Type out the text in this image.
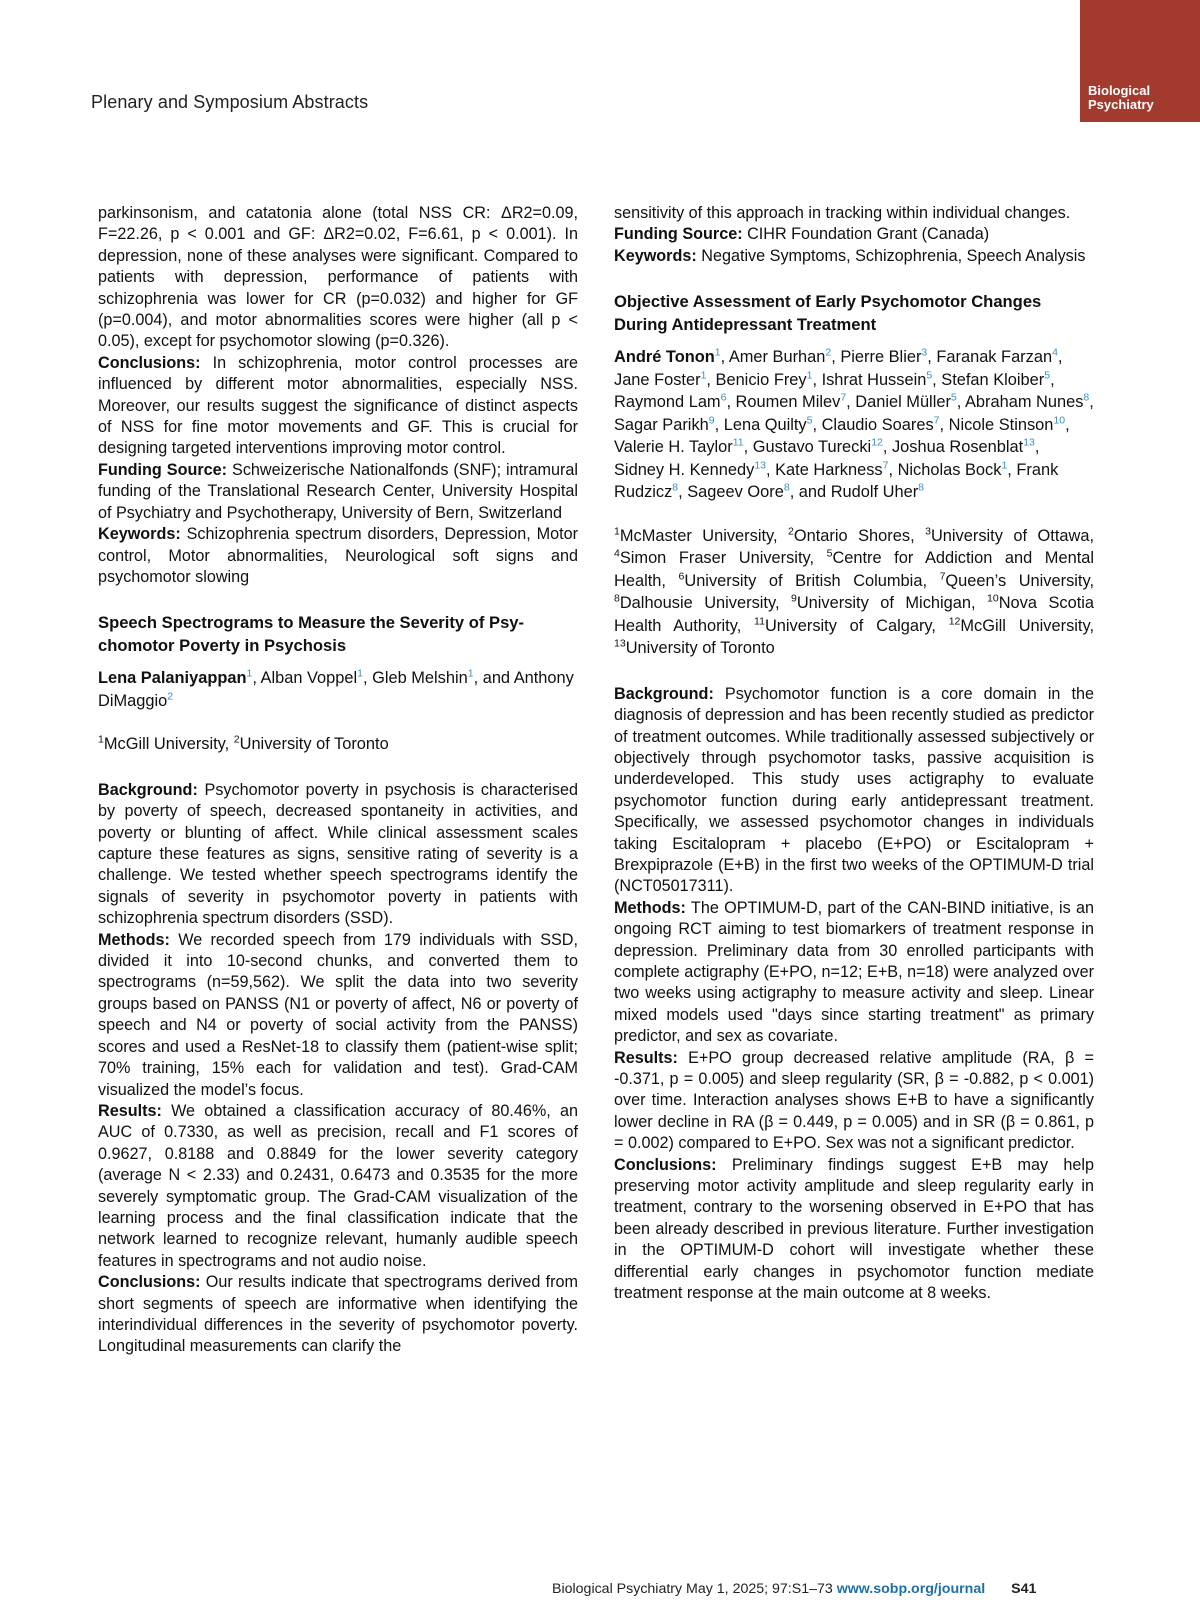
Plenary and Symposium Abstracts
Biological
Psychiatry

parkinsonism, and catatonia alone (total NSS CR: ΔR2=0.09, F=22.26, p < 0.001 and GF: ΔR2=0.02, F=6.61, p < 0.001). In depression, none of these analyses were significant. Compared to patients with depression, performance of patients with schizophrenia was lower for CR (p=0.032) and higher for GF (p=0.004), and motor abnormalities scores were higher (all p < 0.05), except for psychomotor slowing (p=0.326).

Conclusions: In schizophrenia, motor control processes are influenced by different motor abnormalities, especially NSS. Moreover, our results suggest the significance of distinct aspects of NSS for fine motor movements and GF. This is crucial for designing targeted interventions improving motor control.

Funding Source: Schweizerische Nationalfonds (SNF); intramural funding of the Translational Research Center, University Hospital of Psychiatry and Psychotherapy, University of Bern, Switzerland

Keywords: Schizophrenia spectrum disorders, Depression, Motor control, Motor abnormalities, Neurological soft signs and psychomotor slowing

Speech Spectrograms to Measure the Severity of Psychomotor Poverty in Psychosis

Lena Palaniyappan$^1$, Alban Voppel$^1$, Gleb Melshin$^1$, and Anthony DiMaggio$^2$

$^1$McGill University, $^2$University of Toronto

Background: Psychomotor poverty in psychosis is characterised by poverty of speech, decreased spontaneity in activities, and poverty or blunting of affect. While clinical assessment scales capture these features as signs, sensitive rating of severity is a challenge. We tested whether speech spectrograms identify the signals of severity in psychomotor poverty in patients with schizophrenia spectrum disorders (SSD).

Methods: We recorded speech from 179 individuals with SSD, divided it into 10-second chunks, and converted them to spectrograms (n=59,562). We split the data into two severity groups based on PANSS (N1 or poverty of affect, N6 or poverty of speech and N4 or poverty of social activity from the PANSS) scores and used a ResNet-18 to classify them (patient-wise split; 70% training, 15% each for validation and test). Grad-CAM visualized the model’s focus.

Results: We obtained a classification accuracy of 80.46%, an AUC of 0.7330, as well as precision, recall and F1 scores of 0.9627, 0.8188 and 0.8849 for the lower severity category (average N < 2.33) and 0.2431, 0.6473 and 0.3535 for the more severely symptomatic group. The Grad-CAM visualization of the learning process and the final classification indicate that the network learned to recognize relevant, humanly audible speech features in spectrograms and not audio noise.

Conclusions: Our results indicate that spectrograms derived from short segments of speech are informative when identifying the interindividual differences in the severity of psychomotor poverty. Longitudinal measurements can clarify the

sensitivity of this approach in tracking within individual changes.

Funding Source: CIHR Foundation Grant (Canada)

Keywords: Negative Symptoms, Schizophrenia, Speech Analysis

Objective Assessment of Early Psychomotor Changes During Antidepressant Treatment

André Tonon$^1$, Amer Burhan$^2$, Pierre Blier$^3$, Faranak Farzan$^4$, Jane Foster$^1$, Benicio Frey$^1$, Ishrat Hussein$^5$, Stefan Kloiber$^5$, Raymond Lam$^6$, Roumen Milev$^7$, Daniel Müller$^5$, Abraham Nunes$^8$, Sagar Parikh$^9$, Lena Quilty$^5$, Claudio Soares$^7$, Nicole Stinson$^{10}$, Valerie H. Taylor$^{11}$, Gustavo Turecki$^{12}$, Joshua Rosenblat$^{13}$, Sidney H. Kennedy$^{13}$, Kate Harkness$^7$, Nicholas Bock$^1$, Frank Rudzicz$^8$, Sageev Oore$^8$, and Rudolf Uher$^8$

$^1$McMaster University, $^2$Ontario Shores, $^3$University of Ottawa, $^4$Simon Fraser University, $^5$Centre for Addiction and Mental Health, $^6$University of British Columbia, $^7$Queen’s University, $^8$Dalhousie University, $^9$University of Michigan, $^{10}$Nova Scotia Health Authority, $^{11}$University of Calgary, $^{12}$McGill University, $^{13}$University of Toronto

Background: Psychomotor function is a core domain in the diagnosis of depression and has been recently studied as predictor of treatment outcomes. While traditionally assessed subjectively or objectively through psychomotor tasks, passive acquisition is underdeveloped. This study uses actigraphy to evaluate psychomotor function during early antidepressant treatment. Specifically, we assessed psychomotor changes in individuals taking Escitalopram + placebo (E+PO) or Escitalopram + Brexpiprazole (E+B) in the first two weeks of the OPTIMUM-D trial (NCT05017311).

Methods: The OPTIMUM-D, part of the CAN-BIND initiative, is an ongoing RCT aiming to test biomarkers of treatment response in depression. Preliminary data from 30 enrolled participants with complete actigraphy (E+PO, n=12; E+B, n=18) were analyzed over two weeks using actigraphy to measure activity and sleep. Linear mixed models used "days since starting treatment" as primary predictor, and sex as covariate.

Results: E+PO group decreased relative amplitude (RA, β = -0.371, p = 0.005) and sleep regularity (SR, β = -0.882, p < 0.001) over time. Interaction analyses shows E+B to have a significantly lower decline in RA (β = 0.449, p = 0.005) and in SR (β = 0.861, p = 0.002) compared to E+PO. Sex was not a significant predictor.

Conclusions: Preliminary findings suggest E+B may help preserving motor activity amplitude and sleep regularity early in treatment, contrary to the worsening observed in E+PO that has been already described in previous literature. Further investigation in the OPTIMUM-D cohort will investigate whether these differential early changes in psychomotor function mediate treatment response at the main outcome at 8 weeks.

Biological Psychiatry May 1, 2025; 97:S1–73 www.sobp.org/journal S41
